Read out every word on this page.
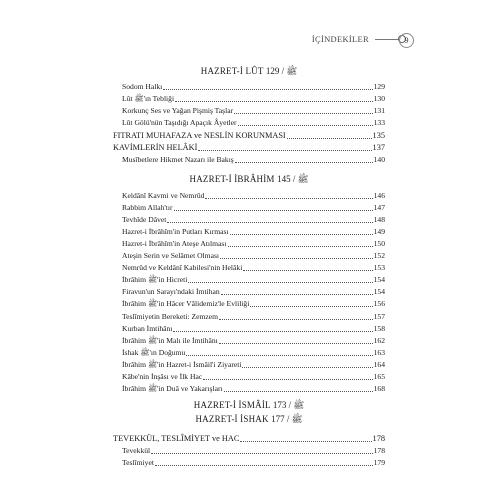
İÇİNDEKİLER	9
HAZRET-İ LÛT ﷺ / 129
Sodom Halkı	129
Lût ﷺ'ın Tebliği	130
Korkunç Ses ve Yağan Pişmiş Taşlar	131
Lût Gölü'nün Taşıdığı Apaçık Âyetler	133
FITRATI MUHAFAZA ve NESLİN KORUNMASI	135
KAVİMLERİN HELÂKİ	137
Musîbetlere Hikmet Nazarı ile Bakış	140
HAZRET-İ İBRÂHİM ﷺ / 145
Keldânî Kavmi ve Nemrûd	146
Rabbim Allah'tır	147
Tevhîde Dâvet	148
Hazret-i İbrâhîm'in Putları Kırması	149
Hazret-i İbrâhîm'in Ateşe Atılması	150
Ateşin Serin ve Selâmet Olması	152
Nemrûd ve Keldânî Kabilesi'nin Helâki	153
İbrâhim ﷺ'in Hicreti	154
Firavun'un Sarayı'ndaki İmtihan	154
İbrâhim ﷺ'in Hâcer Vâlidemiz'le Evliliği	156
Teslîmiyetin Bereketi: Zemzem	157
Kurban İmtihânı	158
İbrâhim ﷺ'in Malı ile İmtihânı	162
İshak ﷺ'ın Doğumu	163
İbrâhim ﷺ'in Hazret-i İsmâil'i Ziyareti	164
Kâbe'nin İnşâsı ve İlk Hac	165
İbrâhim ﷺ'in Duâ ve Yakarışları	168
HAZRET-İ İSMÂİL ﷺ / 173
HAZRET-İ İSHAK ﷺ / 177
TEVEKKÜL, TESLÎMİYET ve HAC	178
Tevekkül	178
Teslîmiyet	179
